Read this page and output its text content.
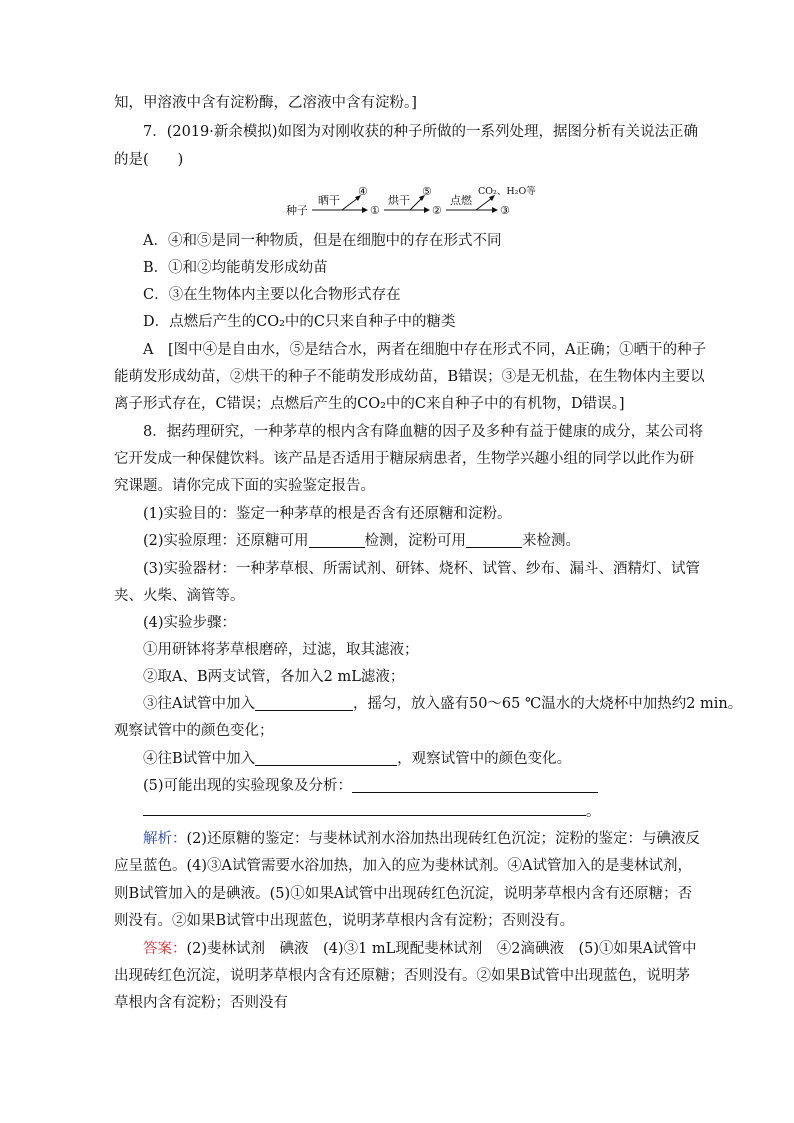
知，甲溶液中含有淀粉酶，乙溶液中含有淀粉。]
7．(2019·新余模拟)如图为对刚收获的种子所做的一系列处理，据图分析有关说法正确
的是(　　)
种子
晒干
④
①
烘干
⑤
②
点燃
CO₂、H₂O等
③
A．④和⑤是同一种物质，但是在细胞中的存在形式不同
B．①和②均能萌发形成幼苗
C．③在生物体内主要以化合物形式存在
D．点燃后产生的CO₂中的C只来自种子中的糖类
A　[图中④是自由水，⑤是结合水，两者在细胞中存在形式不同，A正确；①晒干的种子
能萌发形成幼苗，②烘干的种子不能萌发形成幼苗，B错误；③是无机盐，在生物体内主要以
离子形式存在，C错误；点燃后产生的CO₂中的C来自种子中的有机物，D错误。]
8．据药理研究，一种茅草的根内含有降血糖的因子及多种有益于健康的成分，某公司将
它开发成一种保健饮料。该产品是否适用于糖尿病患者，生物学兴趣小组的同学以此作为研
究课题。请你完成下面的实验鉴定报告。
(1)实验目的：鉴定一种茅草的根是否含有还原糖和淀粉。
(2)实验原理：还原糖可用	检测，淀粉可用	来检测。
(3)实验器材：一种茅草根、所需试剂、研钵、烧杯、试管、纱布、漏斗、酒精灯、试管
夹、火柴、滴管等。
(4)实验步骤：
①用研钵将茅草根磨碎，过滤，取其滤液；
②取A、B两支试管，各加入2 mL滤液；
③往A试管中加入	，摇匀，放入盛有50～65 ℃温水的大烧杯中加热约2 min。
观察试管中的颜色变化；
④往B试管中加入	，观察试管中的颜色变化。
(5)可能出现的实验现象及分析：
。
解析：(2)还原糖的鉴定：与斐林试剂水浴加热出现砖红色沉淀；淀粉的鉴定：与碘液反
应呈蓝色。(4)③A试管需要水浴加热，加入的应为斐林试剂。④A试管加入的是斐林试剂，
则B试管加入的是碘液。(5)①如果A试管中出现砖红色沉淀，说明茅草根内含有还原糖；否
则没有。②如果B试管中出现蓝色，说明茅草根内含有淀粉；否则没有。
答案：(2)斐林试剂　碘液　(4)③1 mL现配斐林试剂　④2滴碘液　(5)①如果A试管中
出现砖红色沉淀，说明茅草根内含有还原糖；否则没有。②如果B试管中出现蓝色，说明茅
草根内含有淀粉；否则没有
